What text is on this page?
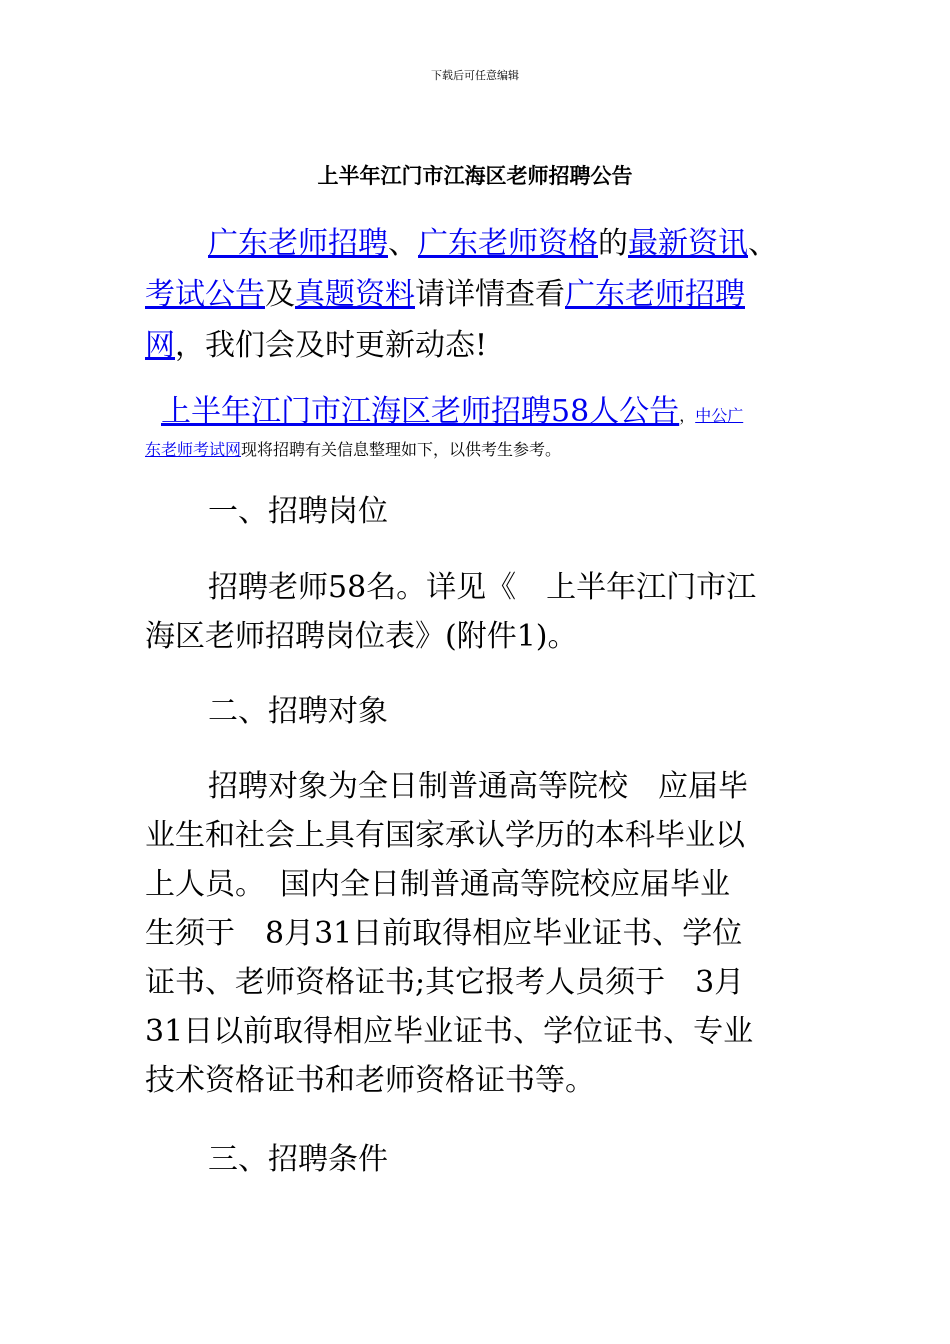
下载后可任意编辑
上半年江门市江海区老师招聘公告
广东老师招聘、广东老师资格的最新资讯、
考试公告及真题资料请详情查看广东老师招聘
网，我们会及时更新动态!
上半年江门市江海区老师招聘58人公告，中公广
东老师考试网现将招聘有关信息整理如下，以供考生参考。
一、招聘岗位
招聘老师58名。详见《　上半年江门市江
海区老师招聘岗位表》(附件1)。
二、招聘对象
招聘对象为全日制普通高等院校　应届毕
业生和社会上具有国家承认学历的本科毕业以
上人员。　国内全日制普通高等院校应届毕业
生须于　8月31日前取得相应毕业证书、学位
证书、老师资格证书;其它报考人员须于　3月
31日以前取得相应毕业证书、学位证书、专业
技术资格证书和老师资格证书等。
三、招聘条件
